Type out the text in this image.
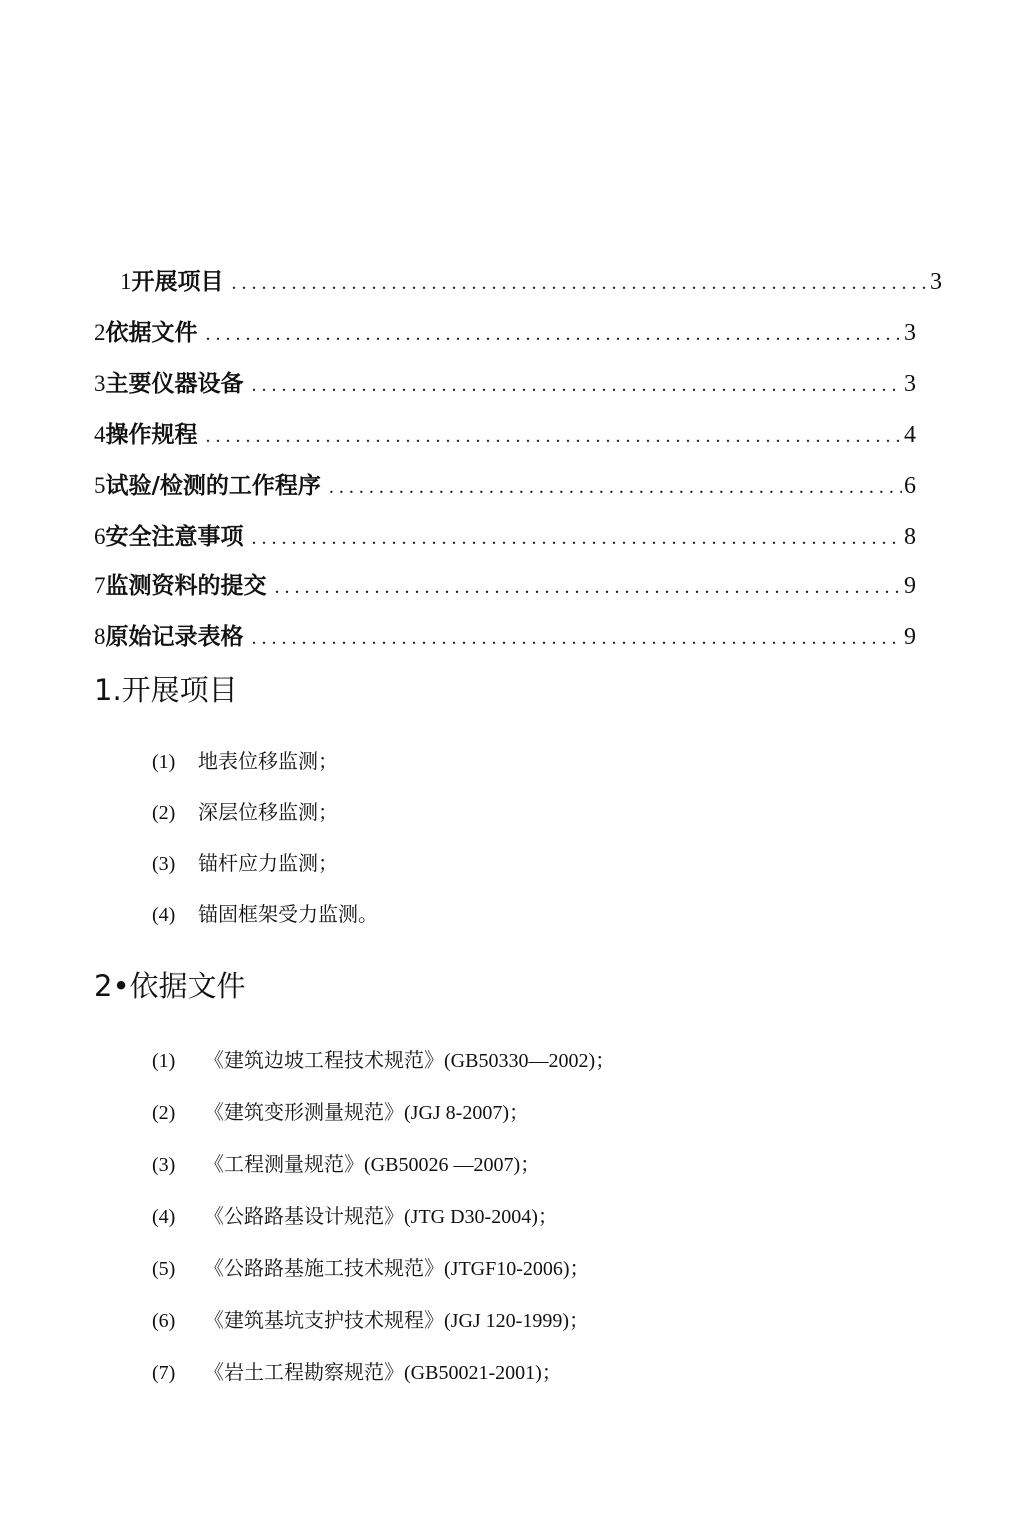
1 开展项目 .....	3
2 依据文件 .....	3
3 主要仪器设备 .....	3
4 操作规程 .....	4
5 试验/检测的工作程序 .....	6
6 安全注意事项 .....	8
7 监测资料的提交 .....	9
8 原始记录表格 .....	9
1.开展项目
(1) 地表位移监测；
(2) 深层位移监测；
(3) 锚杆应力监测；
(4) 锚固框架受力监测。
2•依据文件
(1) 《建筑边坡工程技术规范》(GB50330—2002)；
(2) 《建筑变形测量规范》(JGJ 8-2007)；
(3) 《工程测量规范》(GB50026 —2007)；
(4) 《公路路基设计规范》(JTG D30-2004)；
(5) 《公路路基施工技术规范》(JTGF10-2006)；
(6) 《建筑基坑支护技术规程》(JGJ 120-1999)；
(7) 《岩土工程勘察规范》(GB50021-2001)；
